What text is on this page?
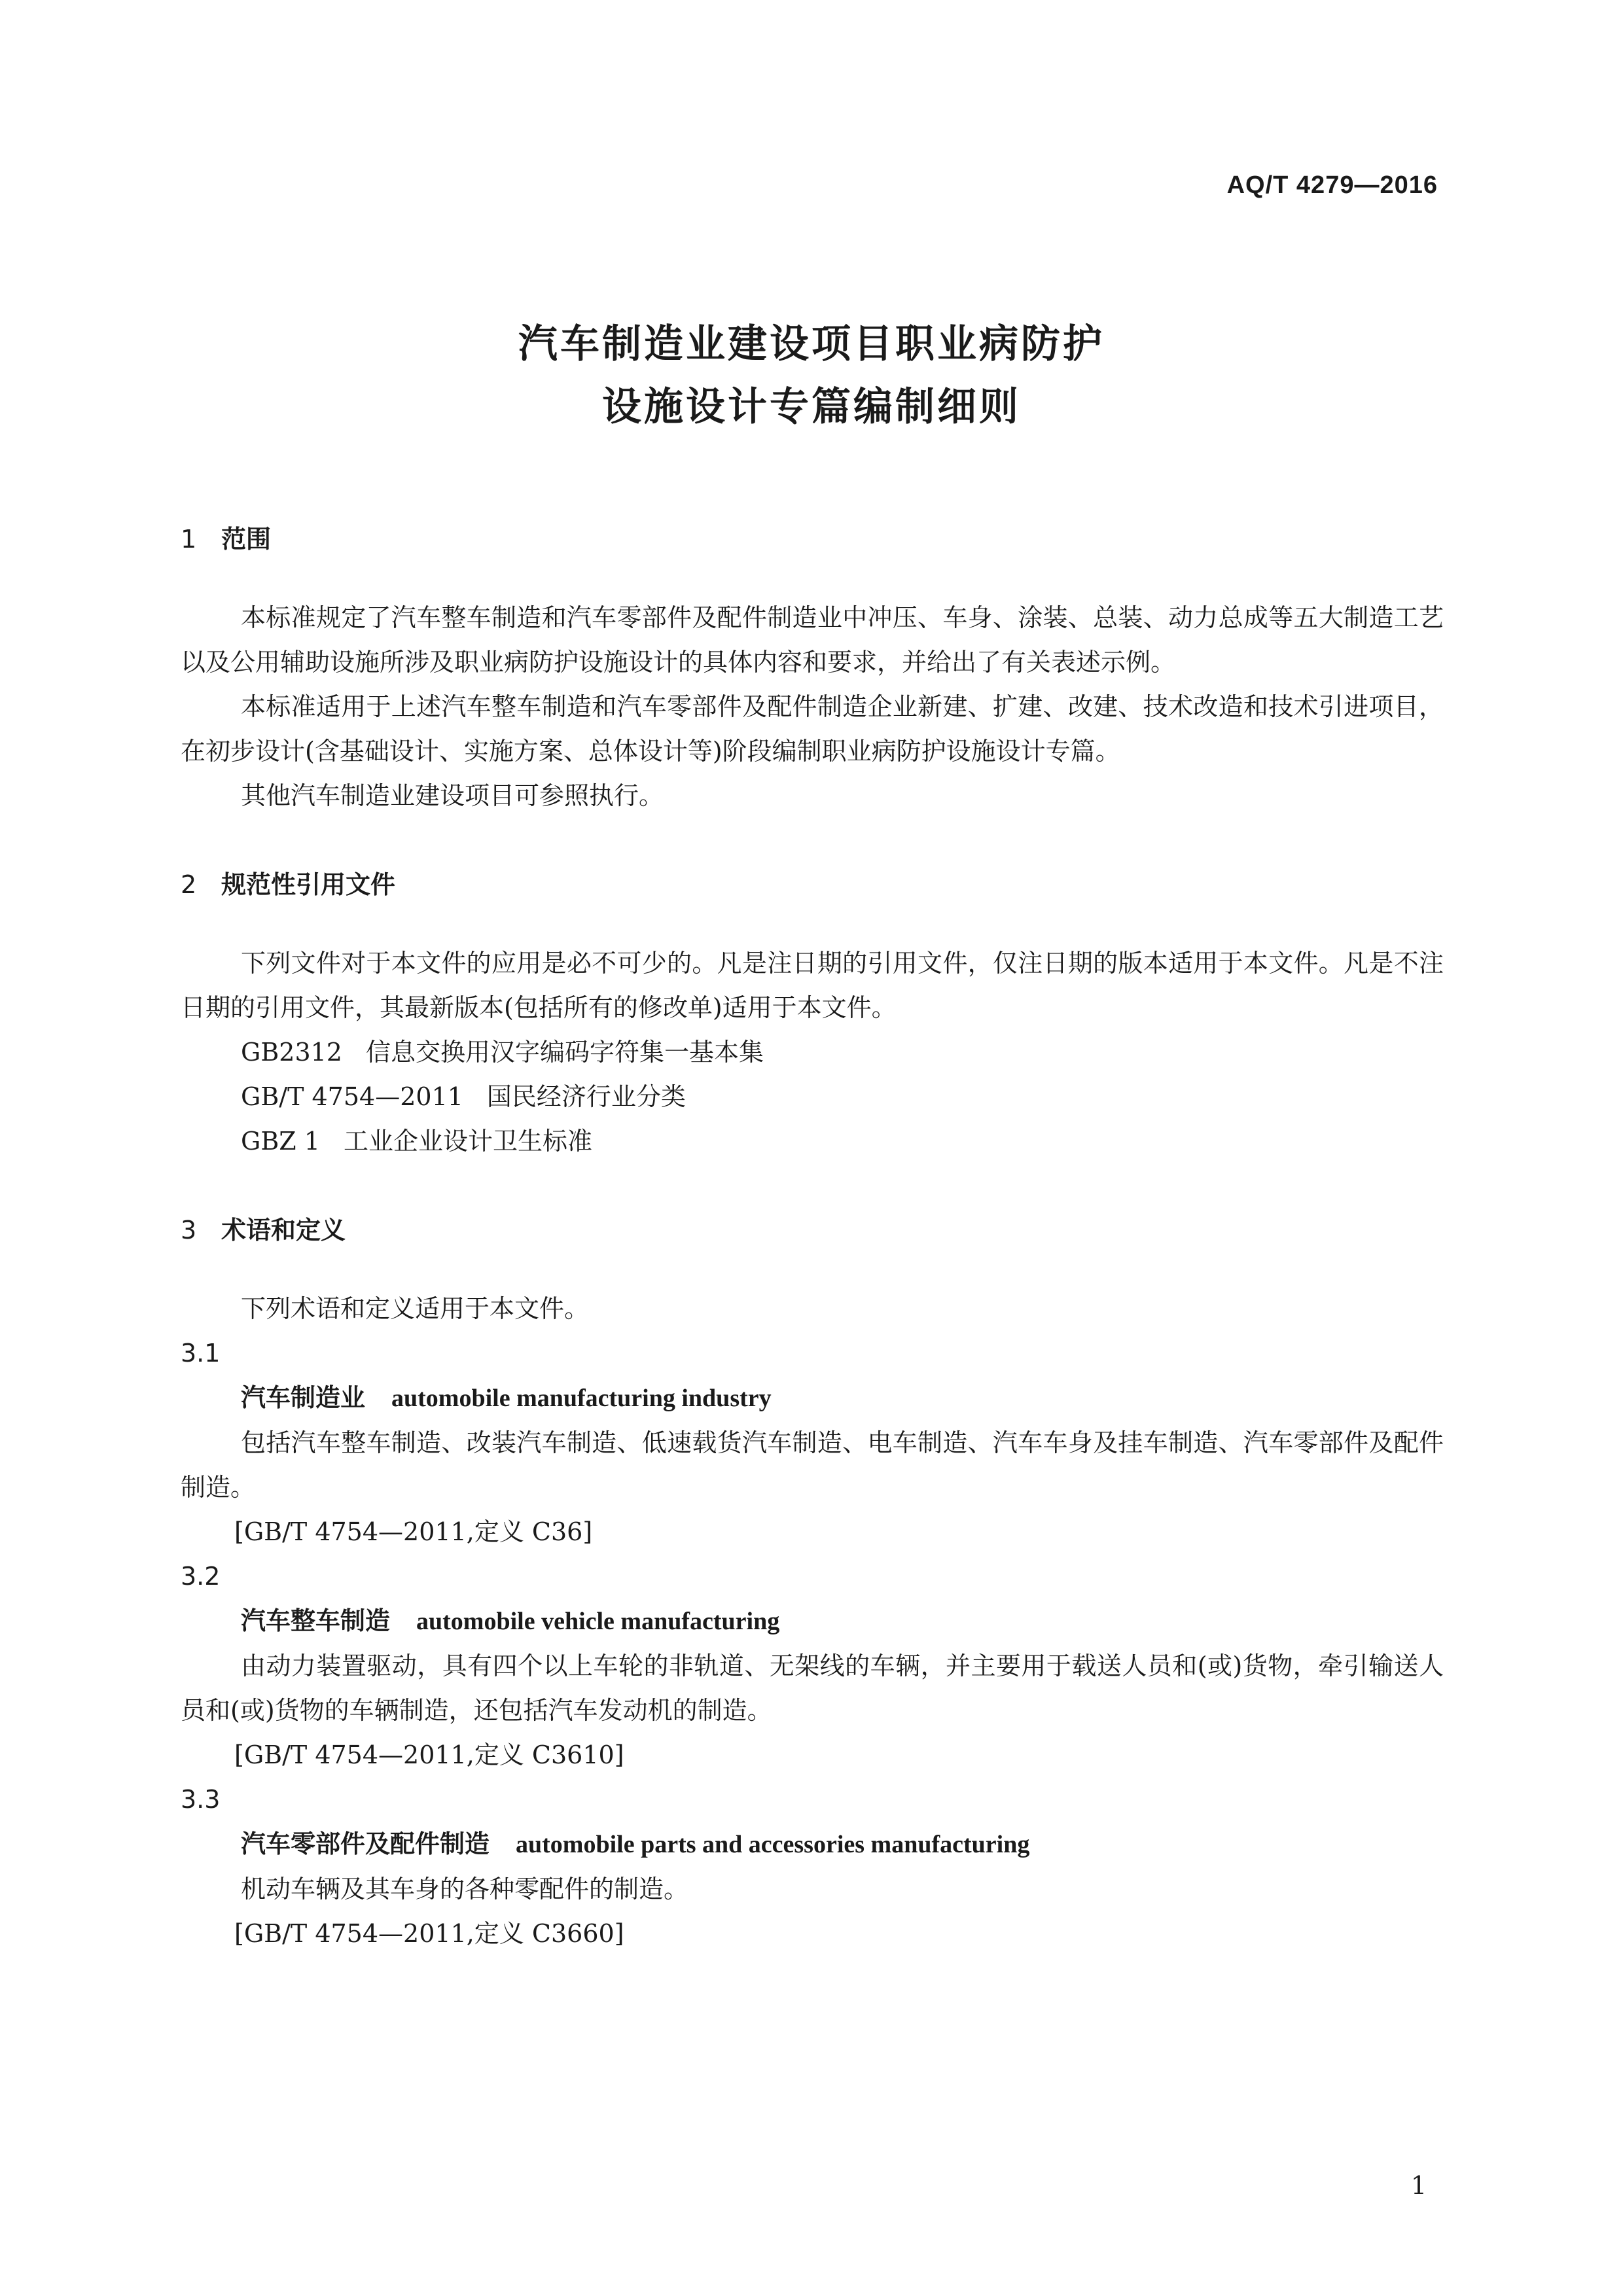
AQ/T 4279—2016
汽车制造业建设项目职业病防护
设施设计专篇编制细则
1 范围

本标准规定了汽车整车制造和汽车零部件及配件制造业中冲压、车身、涂装、总装、动力总成等五大制造工艺以及公用辅助设施所涉及职业病防护设施设计的具体内容和要求，并给出了有关表述示例。

本标准适用于上述汽车整车制造和汽车零部件及配件制造企业新建、扩建、改建、技术改造和技术引进项目，在初步设计(含基础设计、实施方案、总体设计等)阶段编制职业病防护设施设计专篇。

其他汽车制造业建设项目可参照执行。

2 规范性引用文件

下列文件对于本文件的应用是必不可少的。凡是注日期的引用文件，仅注日期的版本适用于本文件。凡是不注日期的引用文件，其最新版本(包括所有的修改单)适用于本文件。

GB2312 信息交换用汉字编码字符集一基本集
GB/T 4754—2011 国民经济行业分类
GBZ 1 工业企业设计卫生标准
3 术语和定义

下列术语和定义适用于本文件。

3.1
汽车制造业 automobile manufacturing industry

包括汽车整车制造、改装汽车制造、低速载货汽车制造、电车制造、汽车车身及挂车制造、汽车零部件及配件制造。

[GB/T 4754—2011,定义 C36]
3.2
汽车整车制造 automobile vehicle manufacturing

由动力装置驱动，具有四个以上车轮的非轨道、无架线的车辆，并主要用于载送人员和(或)货物，牵引输送人员和(或)货物的车辆制造，还包括汽车发动机的制造。

[GB/T 4754—2011,定义 C3610]
3.3
汽车零部件及配件制造 automobile parts and accessories manufacturing

机动车辆及其车身的各种零配件的制造。

[GB/T 4754—2011,定义 C3660]
1
